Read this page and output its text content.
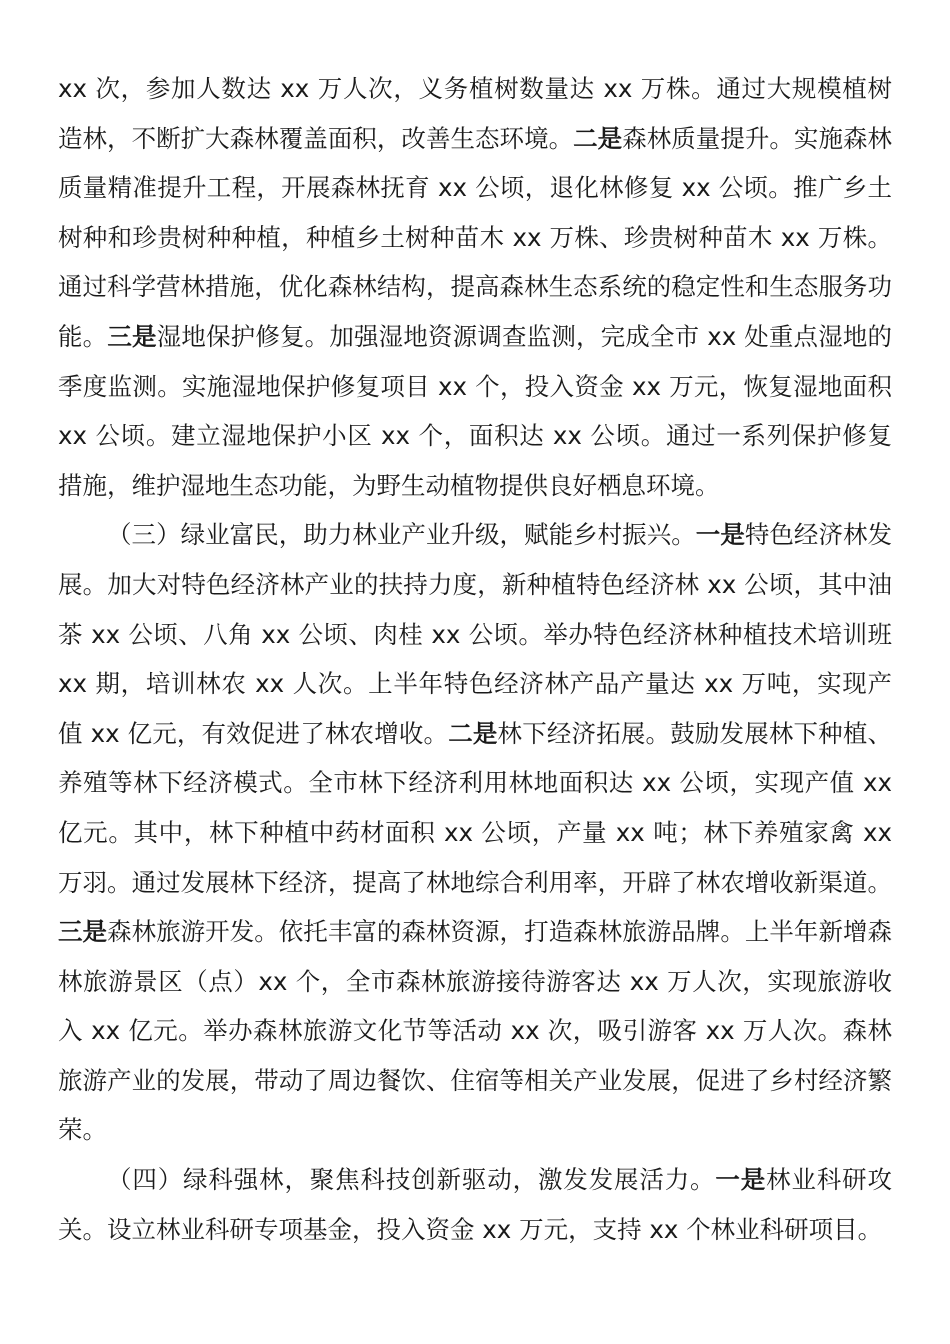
xx 次，参加人数达 xx 万人次，义务植树数量达 xx 万株。通过大规模植树造林，不断扩大森林覆盖面积，改善生态环境。二是森林质量提升。实施森林质量精准提升工程，开展森林抚育 xx 公顷，退化林修复 xx 公顷。推广乡土树种和珍贵树种种植，种植乡土树种苗木 xx 万株、珍贵树种苗木 xx 万株。通过科学营林措施，优化森林结构，提高森林生态系统的稳定性和生态服务功能。三是湿地保护修复。加强湿地资源调查监测，完成全市 xx 处重点湿地的季度监测。实施湿地保护修复项目 xx 个，投入资金 xx 万元，恢复湿地面积 xx 公顷。建立湿地保护小区 xx 个，面积达 xx 公顷。通过一系列保护修复措施，维护湿地生态功能，为野生动植物提供良好栖息环境。

（三）绿业富民，助力林业产业升级，赋能乡村振兴。一是特色经济林发展。加大对特色经济林产业的扶持力度，新种植特色经济林 xx 公顷，其中油茶 xx 公顷、八角 xx 公顷、肉桂 xx 公顷。举办特色经济林种植技术培训班 xx 期，培训林农 xx 人次。上半年特色经济林产品产量达 xx 万吨，实现产值 xx 亿元，有效促进了林农增收。二是林下经济拓展。鼓励发展林下种植、养殖等林下经济模式。全市林下经济利用林地面积达 xx 公顷，实现产值 xx 亿元。其中，林下种植中药材面积 xx 公顷，产量 xx 吨；林下养殖家禽 xx 万羽。通过发展林下经济，提高了林地综合利用率，开辟了林农增收新渠道。三是森林旅游开发。依托丰富的森林资源，打造森林旅游品牌。上半年新增森林旅游景区（点）xx 个，全市森林旅游接待游客达 xx 万人次，实现旅游收入 xx 亿元。举办森林旅游文化节等活动 xx 次，吸引游客 xx 万人次。森林旅游产业的发展，带动了周边餐饮、住宿等相关产业发展，促进了乡村经济繁荣。

（四）绿科强林，聚焦科技创新驱动，激发发展活力。一是林业科研攻关。设立林业科研专项基金，投入资金 xx 万元，支持 xx 个林业科研项目。
